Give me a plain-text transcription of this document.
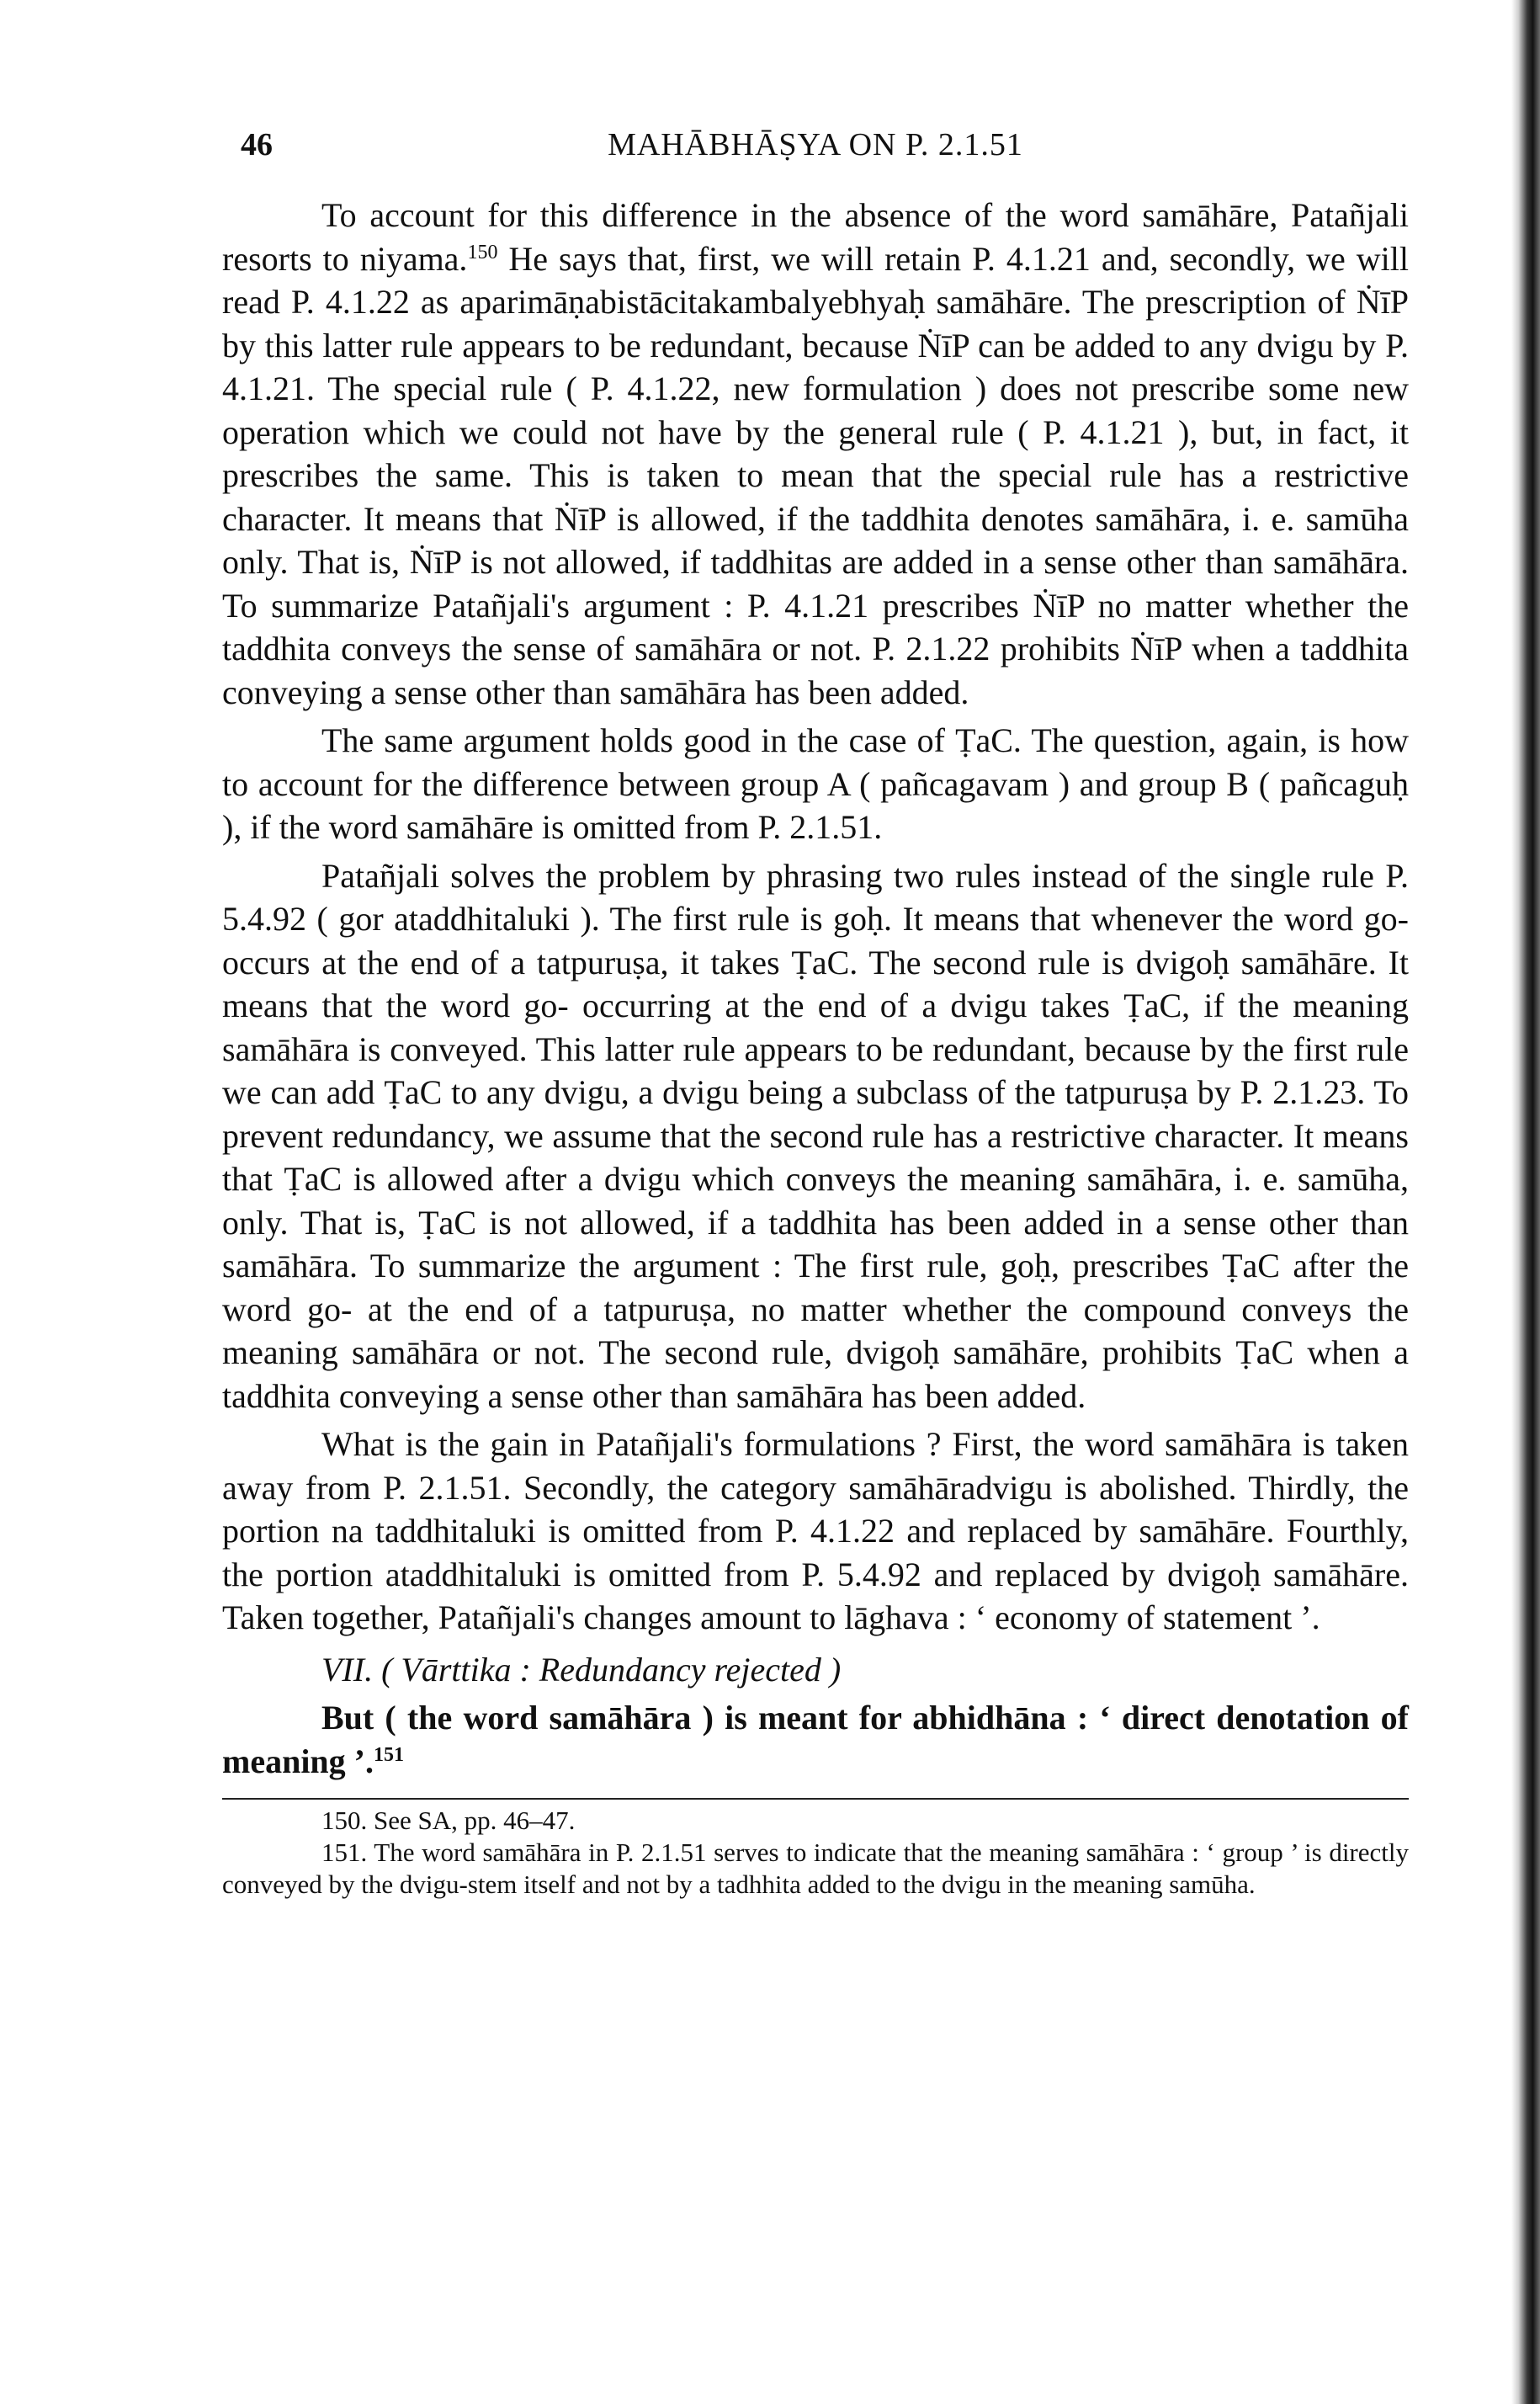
46	MAHĀBHĀṢYA ON P. 2.1.51

To account for this difference in the absence of the word samāhāre, Patañjali resorts to niyama.$^{150}$ He says that, first, we will retain P. 4.1.21 and, secondly, we will read P. 4.1.22 as aparimāṇabistācitakambalyebhyaḥ samāhāre. The prescription of ṄīP by this latter rule appears to be redundant, because ṄīP can be added to any dvigu by P. 4.1.21. The special rule ( P. 4.1.22, new formulation ) does not prescribe some new operation which we could not have by the general rule ( P. 4.1.21 ), but, in fact, it prescribes the same. This is taken to mean that the special rule has a restrictive character. It means that ṄīP is allowed, if the taddhita denotes samāhāra, i. e. samūha only. That is, ṄīP is not allowed, if taddhitas are added in a sense other than samāhāra. To summarize Patañjali's argument : P. 4.1.21 prescribes ṄīP no matter whether the taddhita conveys the sense of samāhāra or not. P. 2.1.22 prohibits ṄīP when a taddhita conveying a sense other than samāhāra has been added.

The same argument holds good in the case of ṬaC. The question, again, is how to account for the difference between group A ( pañcagavam ) and group B ( pañcaguḥ ), if the word samāhāre is omitted from P. 2.1.51.

Patañjali solves the problem by phrasing two rules instead of the single rule P. 5.4.92 ( gor ataddhitaluki ). The first rule is goḥ. It means that whenever the word go- occurs at the end of a tatpuruṣa, it takes ṬaC. The second rule is dvigoḥ samāhāre. It means that the word go- occurring at the end of a dvigu takes ṬaC, if the meaning samāhāra is conveyed. This latter rule appears to be redundant, because by the first rule we can add ṬaC to any dvigu, a dvigu being a subclass of the tatpuruṣa by P. 2.1.23. To prevent redundancy, we assume that the second rule has a restrictive character. It means that ṬaC is allowed after a dvigu which conveys the meaning samāhāra, i. e. samūha, only. That is, ṬaC is not allowed, if a taddhita has been added in a sense other than samāhāra. To summarize the argument : The first rule, goḥ, prescribes ṬaC after the word go- at the end of a tatpuruṣa, no matter whether the compound conveys the meaning samāhāra or not. The second rule, dvigoḥ samāhāre, prohibits ṬaC when a taddhita conveying a sense other than samāhāra has been added.

What is the gain in Patañjali's formulations ? First, the word samāhāra is taken away from P. 2.1.51. Secondly, the category samāhāradvigu is abolished. Thirdly, the portion na taddhitaluki is omitted from P. 4.1.22 and replaced by samāhāre. Fourthly, the portion ataddhitaluki is omitted from P. 5.4.92 and replaced by dvigoḥ samāhāre. Taken together, Patañjali's changes amount to lāghava : ‘ economy of statement ’.

VII. ( Vārttika : Redundancy rejected )

But ( the word samāhāra ) is meant for abhidhāna : ‘ direct denotation of meaning ’.$^{151}$

150. See SA, pp. 46–47.

151. The word samāhāra in P. 2.1.51 serves to indicate that the meaning samāhāra : ‘ group ’ is directly conveyed by the dvigu-stem itself and not by a tadhhita added to the dvigu in the meaning samūha.
